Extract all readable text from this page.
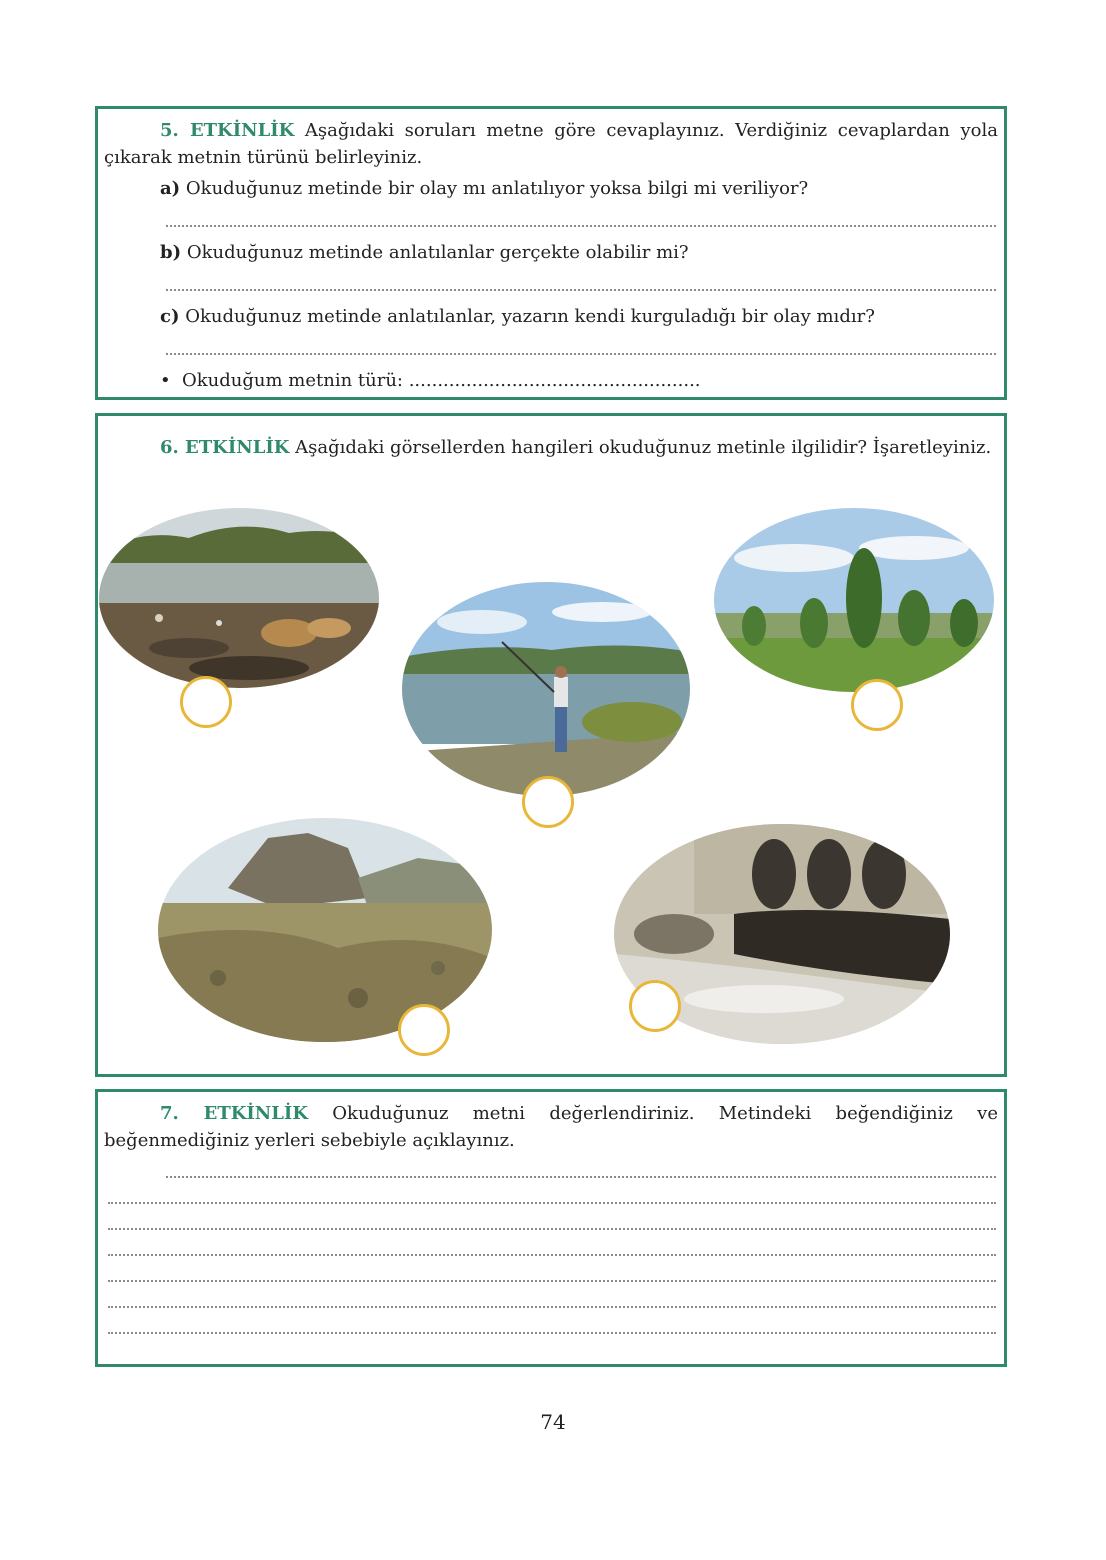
5. ETKİNLİK Aşağıdaki soruları metne göre cevaplayınız. Verdiğiniz cevaplardan yola çıkarak metnin türünü belirleyiniz.
a) Okuduğunuz metinde bir olay mı anlatılıyor yoksa bilgi mi veriliyor?
b) Okuduğunuz metinde anlatılanlar gerçekte olabilir mi?
c) Okuduğunuz metinde anlatılanlar, yazarın kendi kurguladığı bir olay mıdır?
• Okuduğum metnin türü: ...................................................
6. ETKİNLİK Aşağıdaki görsellerden hangileri okuduğunuz metinle ilgilidir? İşaretleyiniz.
7. ETKİNLİK Okuduğunuz metni değerlendiriniz. Metindeki beğendiğiniz ve beğenmediğiniz yerleri sebebiyle açıklayınız.
74
